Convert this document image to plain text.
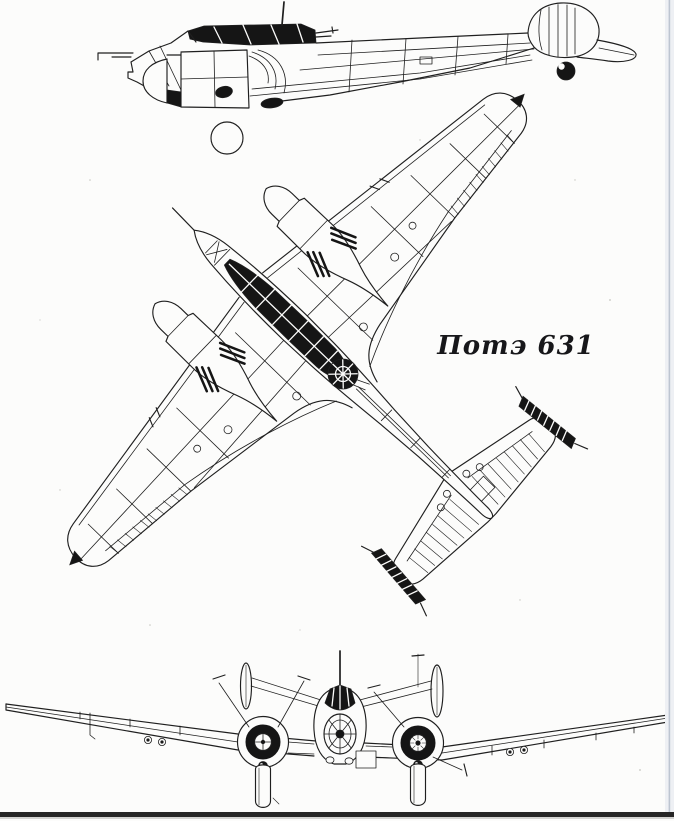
Потэ 631
